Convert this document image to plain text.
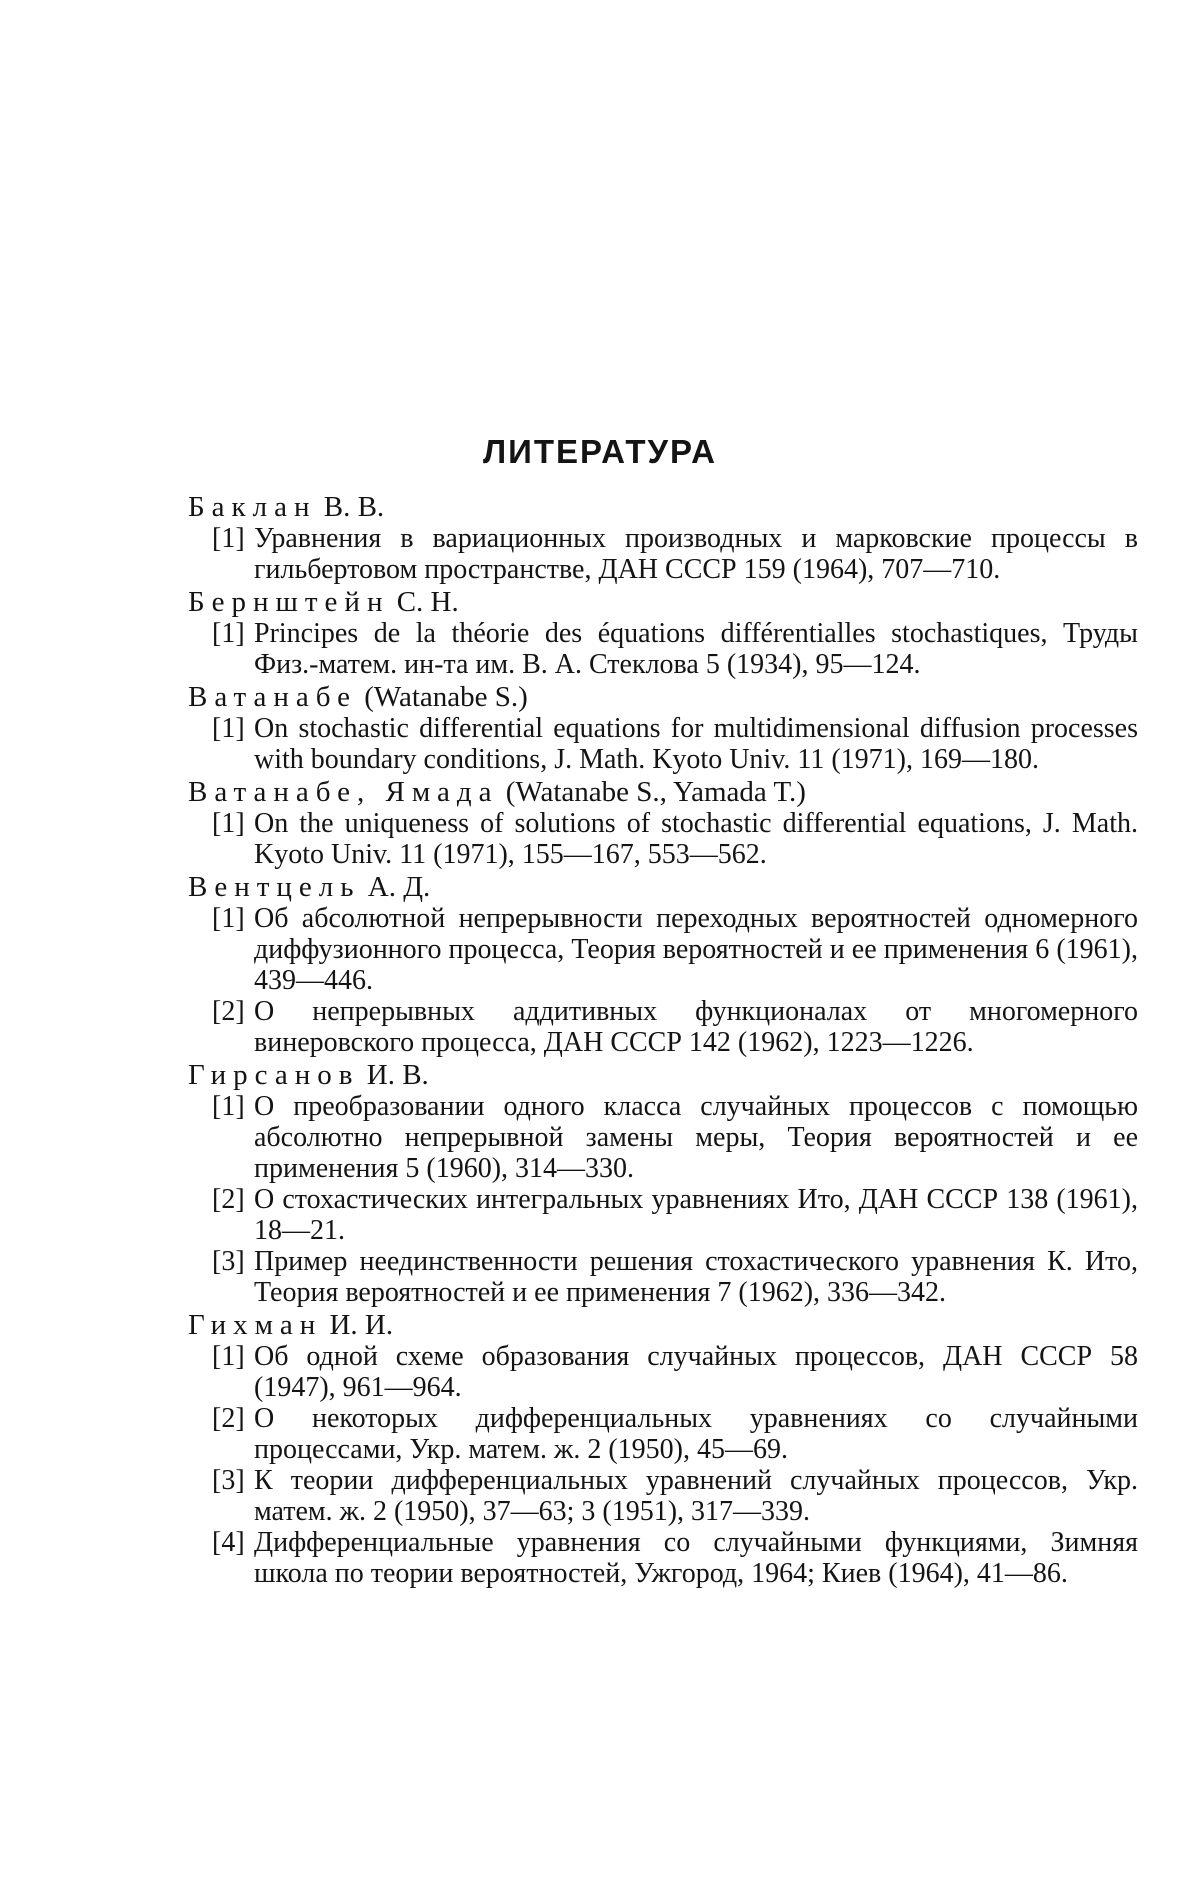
ЛИТЕРАТУРА
Баклан В. В.

[1] Уравнения в вариационных производных и марковские процессы в гильбертовом пространстве, ДАН СССР 159 (1964), 707—710.

Бернштейн С. Н.

[1] Principes de la théorie des équations différentialles stochastiques, Труды Физ.-матем. ин-та им. В. А. Стеклова 5 (1934), 95—124.

Ватанабе (Watanabe S.)

[1] On stochastic differential equations for multidimensional diffusion processes with boundary conditions, J. Math. Kyoto Univ. 11 (1971), 169—180.

Ватанабе, Ямада (Watanabe S., Yamada T.)

[1] On the uniqueness of solutions of stochastic differential equations, J. Math. Kyoto Univ. 11 (1971), 155—167, 553—562.

Вентцель А. Д.

[1] Об абсолютной непрерывности переходных вероятностей одномерного диффузионного процесса, Теория вероятностей и ее применения 6 (1961), 439—446.

[2] О непрерывных аддитивных функционалах от многомерного винеровского процесса, ДАН СССР 142 (1962), 1223—1226.

Гирсанов И. В.

[1] О преобразовании одного класса случайных процессов с помощью абсолютно непрерывной замены меры, Теория вероятностей и ее применения 5 (1960), 314—330.

[2] О стохастических интегральных уравнениях Ито, ДАН СССР 138 (1961), 18—21.

[3] Пример неединственности решения стохастического уравнения К. Ито, Теория вероятностей и ее применения 7 (1962), 336—342.

Гихман И. И.

[1] Об одной схеме образования случайных процессов, ДАН СССР 58 (1947), 961—964.

[2] О некоторых дифференциальных уравнениях со случайными процессами, Укр. матем. ж. 2 (1950), 45—69.

[3] К теории дифференциальных уравнений случайных процессов, Укр. матем. ж. 2 (1950), 37—63; 3 (1951), 317—339.

[4] Дифференциальные уравнения со случайными функциями, Зимняя школа по теории вероятностей, Ужгород, 1964; Киев (1964), 41—86.
